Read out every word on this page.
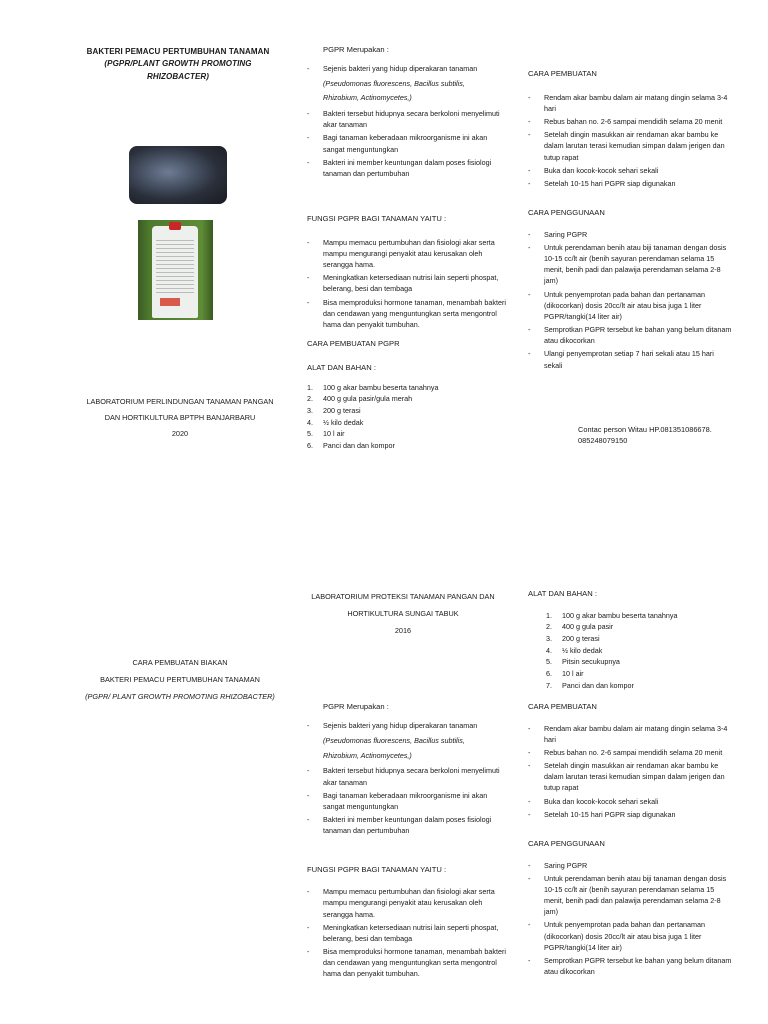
BAKTERI PEMACU PERTUMBUHAN TANAMAN
(PGPR/PLANT GROWTH PROMOTING
RHIZOBACTER)
LABORATORIUM PERLINDUNGAN TANAMAN PANGAN
DAN HORTIKULTURA BPTPH BANJARBARU
2020
PGPR Merupakan :
- Sejenis bakteri yang hidup diperakaran tanaman
(Pseudomonas fluorescens, Bacillus subtilis,
Rhizobium, Actinomycetes,)
- Bakteri tersebut hidupnya secara berkoloni menyelimuti akar tanaman
- Bagi tanaman keberadaan mikroorganisme ini akan sangat menguntungkan
- Bakteri ini member keuntungan dalam poses fisiologi tanaman dan pertumbuhan
FUNGSI PGPR BAGI TANAMAN YAITU :
- Mampu memacu pertumbuhan dan fisiologi akar serta mampu mengurangi penyakit atau kerusakan oleh serangga hama.
- Meningkatkan ketersediaan nutrisi lain seperti phospat, belerang, besi dan tembaga
- Bisa memproduksi hormone tanaman, menambah bakteri dan cendawan yang menguntungkan serta mengontrol hama dan penyakit tumbuhan.
CARA PEMBUATAN PGPR
ALAT DAN BAHAN :
1. 100 g akar bambu beserta tanahnya
2. 400 g gula pasir/gula merah
3. 200 g terasi
4. ½ kilo dedak
5. 10 l air
6. Panci dan dan kompor
CARA PEMBUATAN
- Rendam akar bambu dalam air matang dingin selama 3-4 hari
- Rebus bahan no. 2-6 sampai mendidih selama 20 menit
- Setelah dingin masukkan air rendaman akar bambu ke dalam larutan terasi kemudian simpan dalam jerigen dan tutup rapat
- Buka dan kocok-kocok sehari sekali
- Setelah 10-15 hari PGPR siap digunakan
CARA PENGGUNAAN
- Saring PGPR
- Untuk perendaman benih atau biji tanaman dengan dosis 10-15 cc/lt air (benih sayuran perendaman selama 15 menit, benih padi dan palawija perendaman selama 2-8 jam)
- Untuk penyemprotan pada bahan dan pertanaman (dikocorkan) dosis 20cc/lt air atau bisa juga 1 liter PGPR/tangki(14 liter air)
- Semprotkan PGPR tersebut ke bahan yang belum ditanam atau dikocorkan
- Ulangi penyemprotan setiap 7 hari sekali atau 15 hari sekali
Contac person Witau HP.081351086678.
085248079150
CARA PEMBUATAN BIAKAN
BAKTERI PEMACU PERTUMBUHAN TANAMAN
(PGPR/ PLANT GROWTH PROMOTING RHIZOBACTER)
LABORATORIUM PROTEKSI TANAMAN PANGAN DAN
HORTIKULTURA SUNGAI TABUK
2016
PGPR Merupakan :
- Sejenis bakteri yang hidup diperakaran tanaman
(Pseudomonas fluorescens, Bacillus subtilis,
Rhizobium, Actinomycetes,)
- Bakteri tersebut hidupnya secara berkoloni menyelimuti akar tanaman
- Bagi tanaman keberadaan mikroorganisme ini akan sangat menguntungkan
- Bakteri ini member keuntungan dalam poses fisiologi tanaman dan pertumbuhan
FUNGSI PGPR BAGI TANAMAN YAITU :
- Mampu memacu pertumbuhan dan fisiologi akar serta mampu mengurangi penyakit atau kerusakan oleh serangga hama.
- Meningkatkan ketersediaan nutrisi lain seperti phospat, belerang, besi dan tembaga
- Bisa memproduksi hormone tanaman, menambah bakteri dan cendawan yang menguntungkan serta mengontrol hama dan penyakit tumbuhan.
ALAT DAN BAHAN :
1. 100 g akar bambu beserta tanahnya
2. 400 g gula pasir
3. 200 g terasi
4. ½ kilo dedak
5. Pitsin secukupnya
6. 10 l air
7. Panci dan dan kompor
CARA PEMBUATAN
- Rendam akar bambu dalam air matang dingin selama 3-4 hari
- Rebus bahan no. 2-6 sampai mendidih selama 20 menit
- Setelah dingin masukkan air rendaman akar bambu ke dalam larutan terasi kemudian simpan dalam jerigen dan tutup rapat
- Buka dan kocok-kocok sehari sekali
- Setelah 10-15 hari PGPR siap digunakan
CARA PENGGUNAAN
- Saring PGPR
- Untuk perendaman benih atau biji tanaman dengan dosis 10-15 cc/lt air (benih sayuran perendaman selama 15 menit, benih padi dan palawija perendaman selama 2-8 jam)
- Untuk penyemprotan pada bahan dan pertanaman (dikocorkan) dosis 20cc/lt air atau bisa juga 1 liter PGPR/tangki(14 liter air)
- Semprotkan PGPR tersebut ke bahan yang belum ditanam atau dikocorkan
